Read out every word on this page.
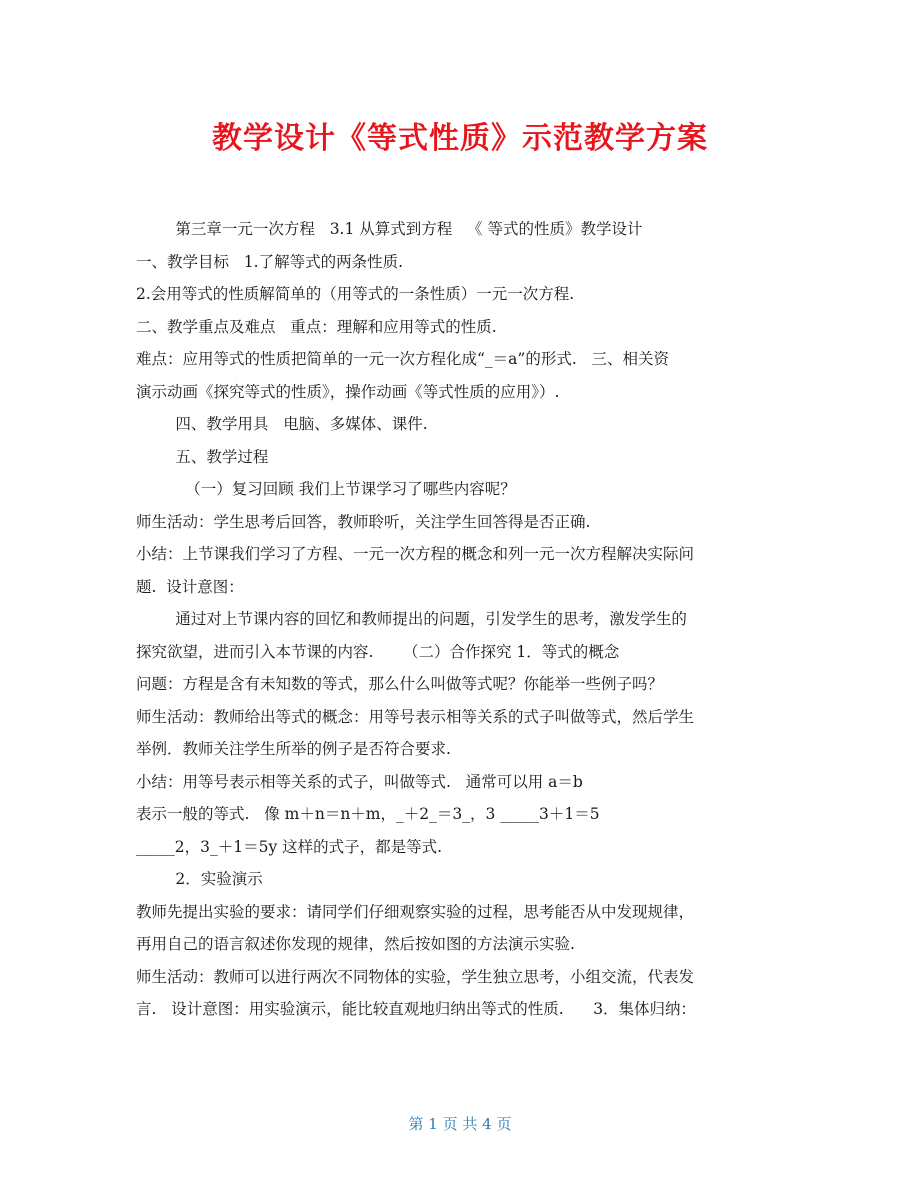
教学设计《等式性质》示范教学方案
第三章一元一次方程   3.1 从算式到方程   《 等式的性质》教学设计
一、教学目标   1.了解等式的两条性质.
2.会用等式的性质解简单的（用等式的一条性质）一元一次方程.
二、教学重点及难点   重点：理解和应用等式的性质.
难点：应用等式的性质把简单的一元一次方程化成“_＝a”的形式.   三、相关资
演示动画《探究等式的性质》，操作动画《等式性质的应用》）.
四、教学用具   电脑、多媒体、课件.
五、教学过程
（一）复习回顾 我们上节课学习了哪些内容呢？
师生活动：学生思考后回答，教师聆听，关注学生回答得是否正确.
小结：上节课我们学习了方程、一元一次方程的概念和列一元一次方程解决实际问
题.  设计意图：
通过对上节课内容的回忆和教师提出的问题，引发学生的思考，激发学生的
探究欲望，进而引入本节课的内容.      （二）合作探究 1．等式的概念
问题：方程是含有未知数的等式，那么什么叫做等式呢？你能举一些例子吗？
师生活动：教师给出等式的概念：用等号表示相等关系的式子叫做等式，然后学生
举例．教师关注学生所举的例子是否符合要求.
小结：用等号表示相等关系的式子，叫做等式.   通常可以用 a＝b
表示一般的等式.   像 m＋n＝n＋m，_＋2_＝3_，3 _____3＋1＝5
_____2，3_＋1＝5y 这样的式子，都是等式.
2．实验演示
教师先提出实验的要求：请同学们仔细观察实验的过程，思考能否从中发现规律，
再用自己的语言叙述你发现的规律，然后按如图的方法演示实验.
师生活动：教师可以进行两次不同物体的实验，学生独立思考，小组交流，代表发
言.   设计意图：用实验演示，能比较直观地归纳出等式的性质.      3．集体归纳：
第 1 页 共 4 页
